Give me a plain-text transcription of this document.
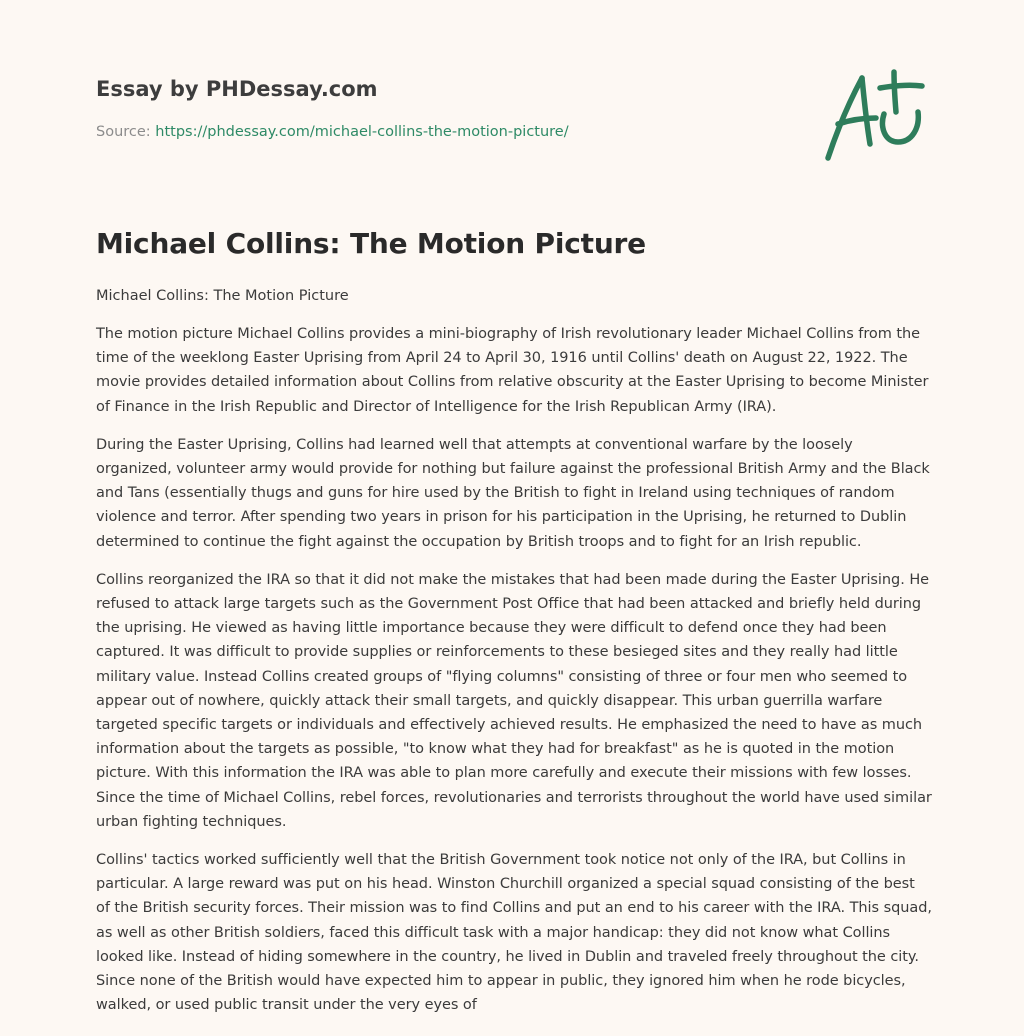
Essay by PHDessay.com
Source: https://phdessay.com/michael-collins-the-motion-picture/
Michael Collins: The Motion Picture

Michael Collins: The Motion Picture

The motion picture Michael Collins provides a mini-biography of Irish revolutionary leader Michael Collins from the time of the weeklong Easter Uprising from April 24 to April 30, 1916 until Collins' death on August 22, 1922. The movie provides detailed information about Collins from relative obscurity at the Easter Uprising to become Minister of Finance in the Irish Republic and Director of Intelligence for the Irish Republican Army (IRA).

During the Easter Uprising, Collins had learned well that attempts at conventional warfare by the loosely organized, volunteer army would provide for nothing but failure against the professional British Army and the Black and Tans (essentially thugs and guns for hire used by the British to fight in Ireland using techniques of random violence and terror. After spending two years in prison for his participation in the Uprising, he returned to Dublin determined to continue the fight against the occupation by British troops and to fight for an Irish republic.

Collins reorganized the IRA so that it did not make the mistakes that had been made during the Easter Uprising. He refused to attack large targets such as the Government Post Office that had been attacked and briefly held during the uprising. He viewed as having little importance because they were difficult to defend once they had been captured. It was difficult to provide supplies or reinforcements to these besieged sites and they really had little military value. Instead Collins created groups of "flying columns" consisting of three or four men who seemed to appear out of nowhere, quickly attack their small targets, and quickly disappear. This urban guerrilla warfare targeted specific targets or individuals and effectively achieved results. He emphasized the need to have as much information about the targets as possible, "to know what they had for breakfast" as he is quoted in the motion picture. With this information the IRA was able to plan more carefully and execute their missions with few losses. Since the time of Michael Collins, rebel forces, revolutionaries and terrorists throughout the world have used similar urban fighting techniques.

Collins' tactics worked sufficiently well that the British Government took notice not only of the IRA, but Collins in particular. A large reward was put on his head. Winston Churchill organized a special squad consisting of the best of the British security forces. Their mission was to find Collins and put an end to his career with the IRA. This squad, as well as other British soldiers, faced this difficult task with a major handicap: they did not know what Collins looked like. Instead of hiding somewhere in the country, he lived in Dublin and traveled freely throughout the city. Since none of the British would have expected him to appear in public, they ignored him when he rode bicycles, walked, or used public transit under the very eyes of
